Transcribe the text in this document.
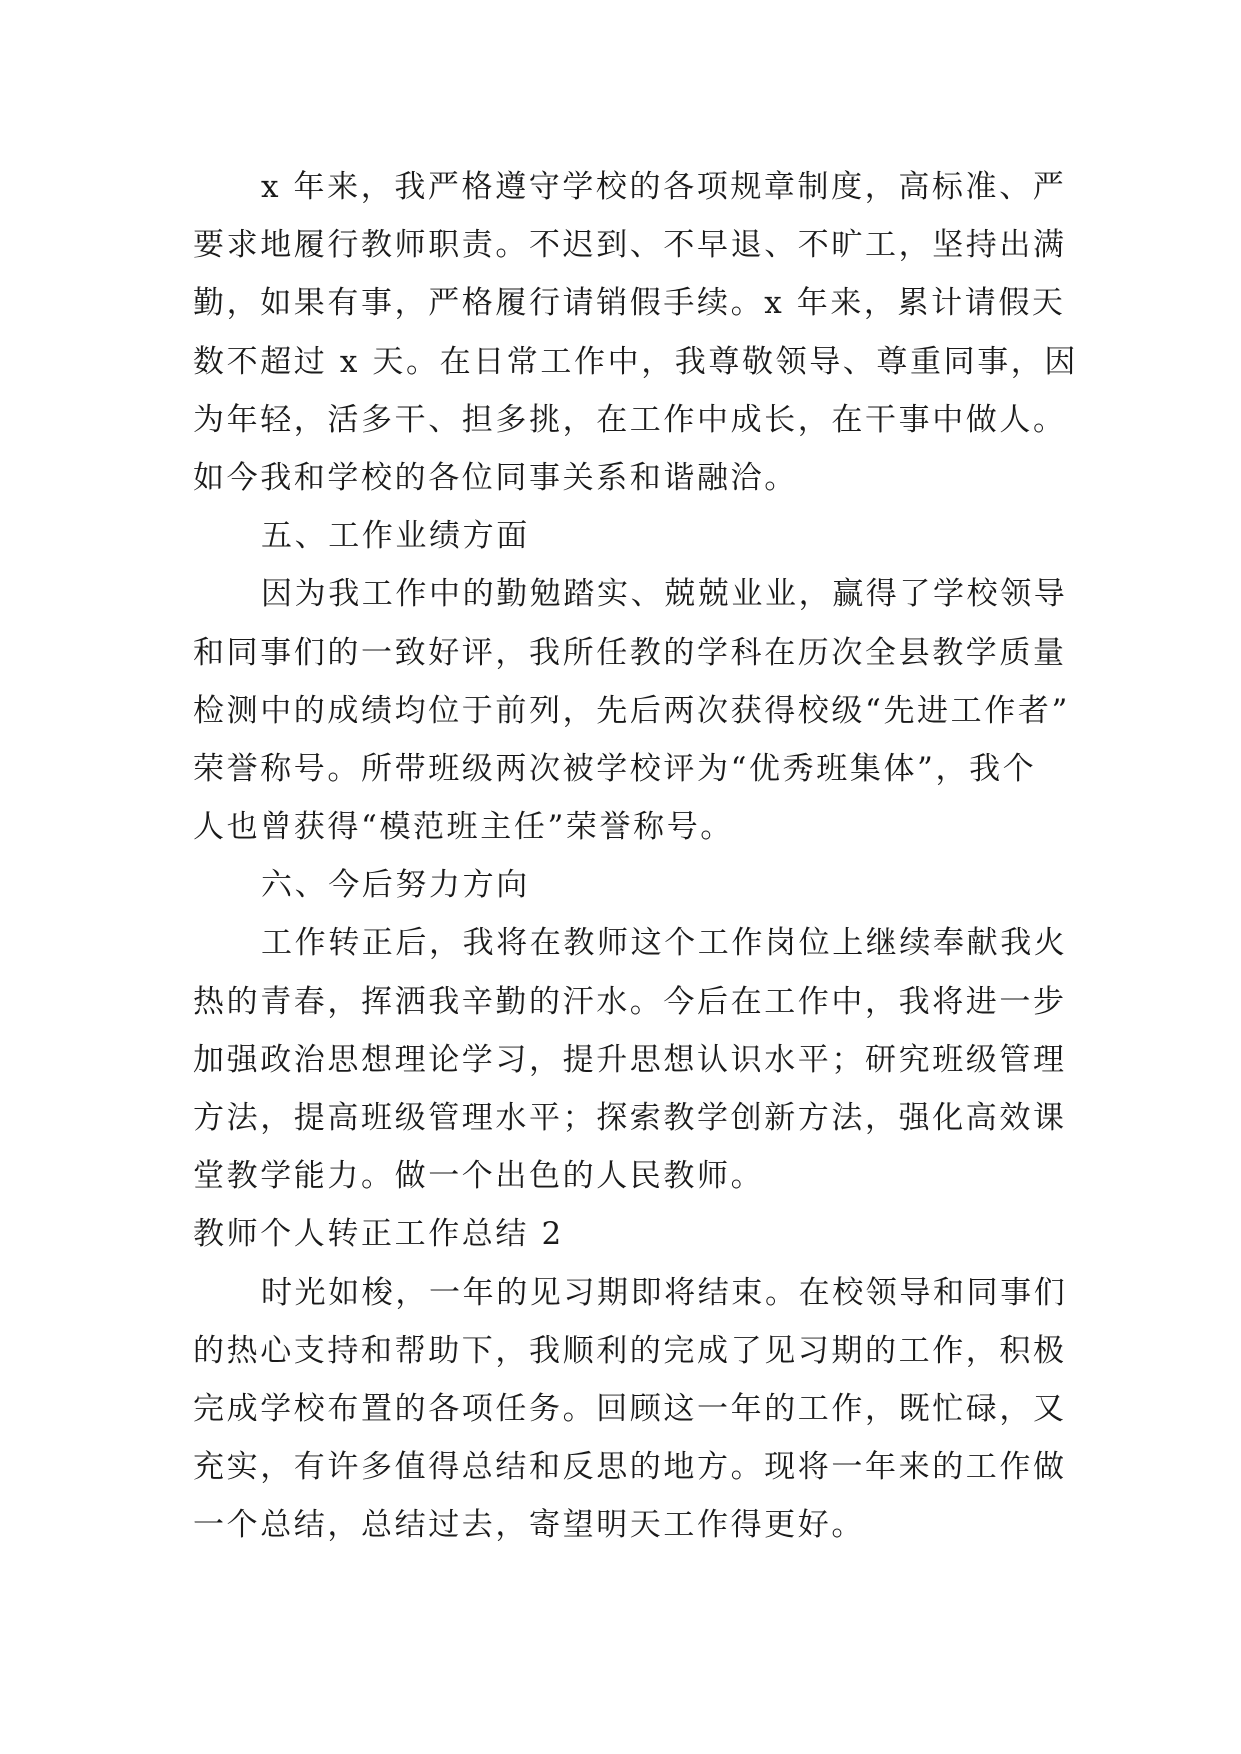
x 年来，我严格遵守学校的各项规章制度，高标准、严
要求地履行教师职责。不迟到、不早退、不旷工，坚持出满
勤，如果有事，严格履行请销假手续。x 年来，累计请假天
数不超过 x 天。在日常工作中，我尊敬领导、尊重同事，因
为年轻，活多干、担多挑，在工作中成长，在干事中做人。
如今我和学校的各位同事关系和谐融洽。
五、工作业绩方面
因为我工作中的勤勉踏实、兢兢业业，赢得了学校领导
和同事们的一致好评，我所任教的学科在历次全县教学质量
检测中的成绩均位于前列，先后两次获得校级“先进工作者”
荣誉称号。所带班级两次被学校评为“优秀班集体”，我个
人也曾获得“模范班主任”荣誉称号。
六、今后努力方向
工作转正后，我将在教师这个工作岗位上继续奉献我火
热的青春，挥洒我辛勤的汗水。今后在工作中，我将进一步
加强政治思想理论学习，提升思想认识水平；研究班级管理
方法，提高班级管理水平；探索教学创新方法，强化高效课
堂教学能力。做一个出色的人民教师。
教师个人转正工作总结 2
时光如梭，一年的见习期即将结束。在校领导和同事们
的热心支持和帮助下，我顺利的完成了见习期的工作，积极
完成学校布置的各项任务。回顾这一年的工作，既忙碌，又
充实，有许多值得总结和反思的地方。现将一年来的工作做
一个总结，总结过去，寄望明天工作得更好。
